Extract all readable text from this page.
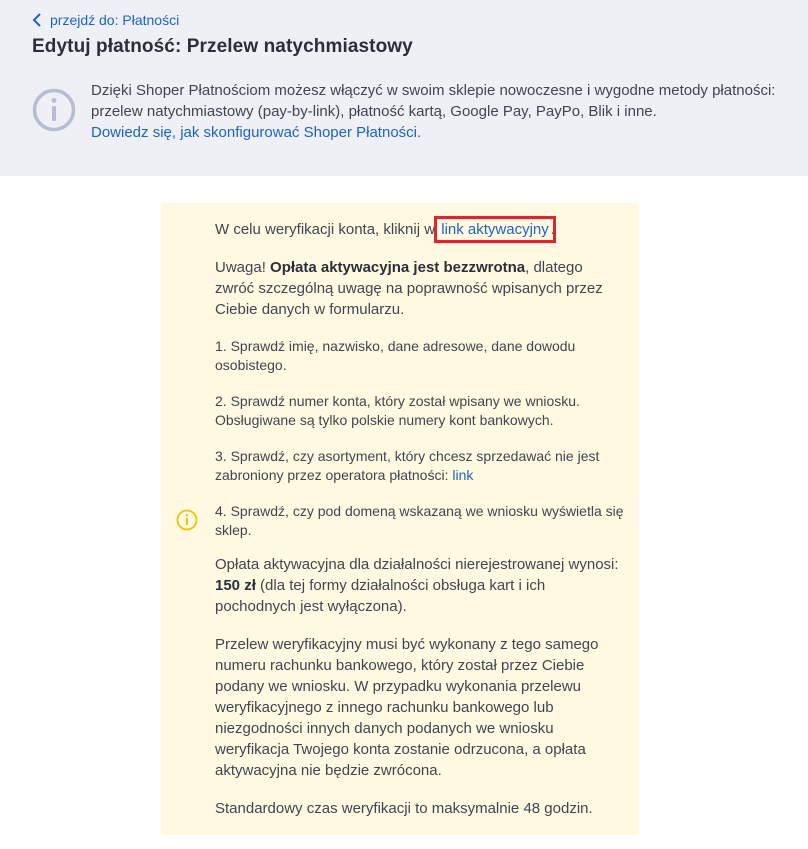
przejdź do: Płatności
Edytuj płatność: Przelew natychmiastowy
Dzięki Shoper Płatnościom możesz włączyć w swoim sklepie nowoczesne i wygodne metody płatności: przelew natychmiastowy (pay-by-link), płatność kartą, Google Pay, PayPo, Blik i inne.
Dowiedz się, jak skonfigurować Shoper Płatności.

W celu weryfikacji konta, kliknij w link aktywacyjny .

Uwaga! Opłata aktywacyjna jest bezzwrotna, dlatego zwróć szczególną uwagę na poprawność wpisanych przez Ciebie danych w formularzu.

1. Sprawdź imię, nazwisko, dane adresowe, dane dowodu osobistego.

2. Sprawdź numer konta, który został wpisany we wniosku. Obsługiwane są tylko polskie numery kont bankowych.

3. Sprawdź, czy asortyment, który chcesz sprzedawać nie jest zabroniony przez operatora płatności: link

4. Sprawdź, czy pod domeną wskazaną we wniosku wyświetla się sklep.

Opłata aktywacyjna dla działalności nierejestrowanej wynosi: 150 zł (dla tej formy działalności obsługa kart i ich pochodnych jest wyłączona).

Przelew weryfikacyjny musi być wykonany z tego samego numeru rachunku bankowego, który został przez Ciebie podany we wniosku. W przypadku wykonania przelewu weryfikacyjnego z innego rachunku bankowego lub niezgodności innych danych podanych we wniosku weryfikacja Twojego konta zostanie odrzucona, a opłata aktywacyjna nie będzie zwrócona.

Standardowy czas weryfikacji to maksymalnie 48 godzin.
